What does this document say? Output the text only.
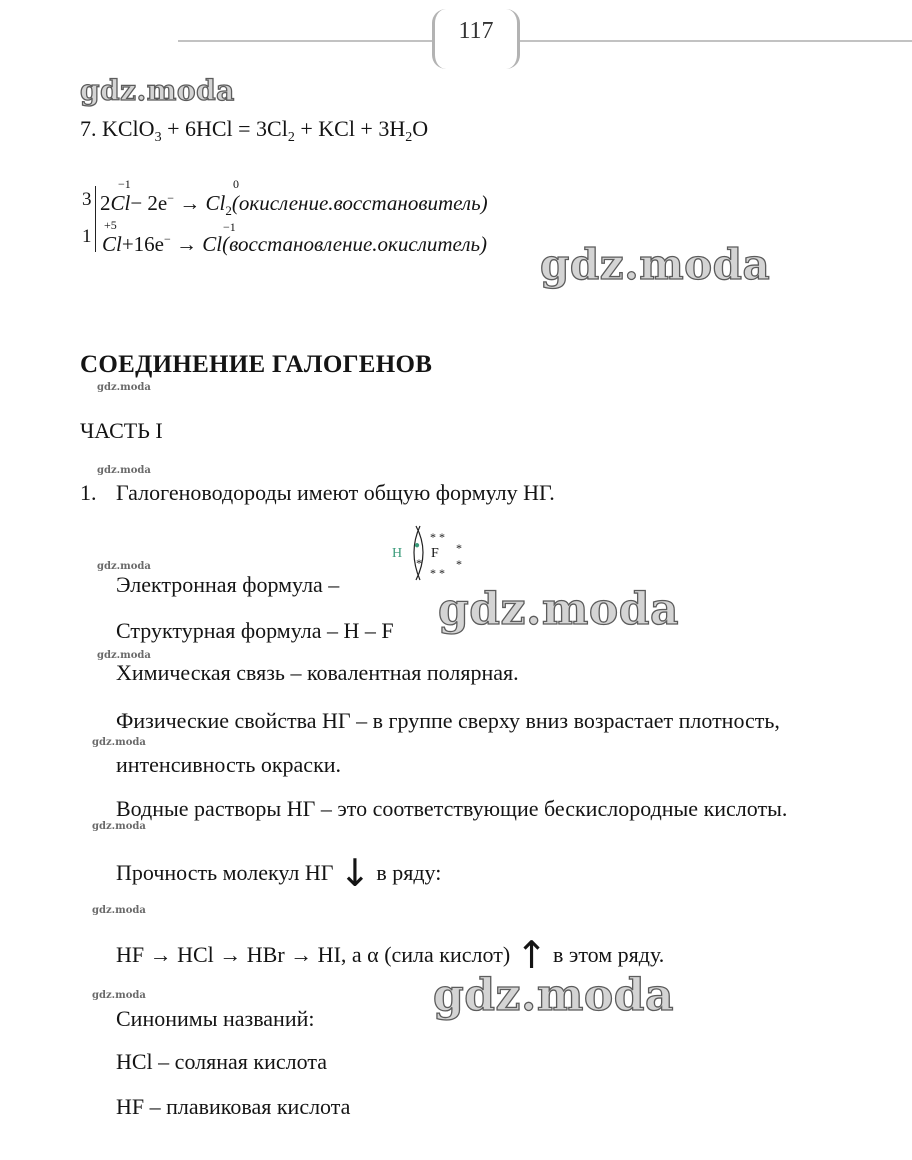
117
gdz.moda
7. KClO$_3$ + $6HCl = 3Cl_2$ + KCl + $3H_2O$
3
1
−1	0
$2Cl- 2e^- \to Cl_2(окисление.восстановитель)$
+5	−1
Cl+16e− → Cl(восстановление.окислитель) gdz.moda
СОЕДИНЕНИЕ ГАЛОГЕНОВ
gdz.moda
ЧАСТЬ I
gdz.moda
1. Галогеноводороды имеют общую формулу НГ.
H
●
F
* *
* *
*
*
*
gdz.moda
Электронная формула – gdz.moda
Структурная формула – H – F
gdz.moda
Химическая связь – ковалентная полярная.
Физические свойства НГ – в группе сверху вниз возрастает плотность,
gdz.moda
интенсивность окраски.
Водные растворы НГ – это соответствующие бескислородные кислоты.
gdz.moda
Прочность молекул НГ ↓ в ряду:
gdz.moda
HF → HCl → HBr → HI, а α (сила кислот) ↑ в этом ряду.
gdz.moda	gdz.moda
Синонимы названий:
HCl – соляная кислота
HF – плавиковая кислота
